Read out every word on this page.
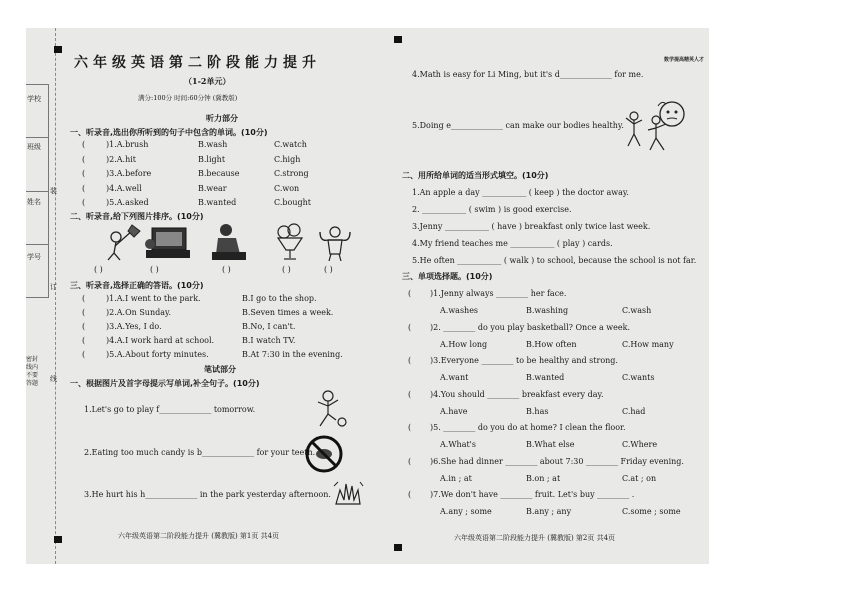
学校
班级
姓名
学号
装
订
线
密封线内不要答题
六年级英语第二阶段能力提升
（1-2单元）
满分:100分 时间:60分钟 (冀教版)
听力部分
一、听录音,选出你所听到的句子中包含的单词。(10分)
二、听录音,给下列图片排序。(10分)
( )	( )	( )	( )	( )
三、听录音,选择正确的答语。(10分)
笔试部分
一、根据图片及首字母提示写单词,补全句子。(10分)
1.Let's go to play f_____________ tomorrow.
2.Eating too much candy is b_____________ for your teeth.
3.He hurt his h_____________ in the park yesterday afternoon.
六年级英语第二阶段能力提升 (冀教版) 第1页 共4页
数学提高精英人才
4.Math is easy for Li Ming, but it's d_____________ for me.
5.Doing e_____________ can make our bodies healthy.
二、用所给单词的适当形式填空。(10分)
三、单项选择题。(10分)
六年级英语第二阶段能力提升 (冀教版) 第2页 共4页
(	)1.A.brush	B.wash	C.watch
(	)2.A.hit	B.light	C.high
(	)3.A.before	B.because	C.strong
(	)4.A.well	B.wear	C.won
(	)5.A.asked	B.wanted	C.bought
(	)1.A.I went to the park.	B.I go to the shop.
(	)2.A.On Sunday.	B.Seven times a week.
(	)3.A.Yes, I do.	B.No, I can't.
(	)4.A.I work hard at school.	B.I watch TV.
(	)5.A.About forty minutes.	B.At 7:30 in the evening.
1.An apple a day ___________ ( keep ) the doctor away.
2. ___________ ( swim ) is good exercise.
3.Jenny ___________ ( have ) breakfast only twice last week.
4.My friend teaches me ___________ ( play ) cards.
5.He often ___________ ( walk ) to school, because the school is not far.
( )1.Jenny always ________ her face.
A.washes	B.washing	C.wash
( )2. ________ do you play basketball? Once a week.
A.How long	B.How often	C.How many
( )3.Everyone ________ to be healthy and strong.
A.want	B.wanted	C.wants
( )4.You should ________ breakfast every day.
A.have	B.has	C.had
( )5. ________ do you do at home? I clean the floor.
A.What's	B.What else	C.Where
( )6.She had dinner ________ about 7:30 ________ Friday evening.
A.in ; at	B.on ; at	C.at ; on
( )7.We don't have ________ fruit. Let's buy ________ .
A.any ; some	B.any ; any	C.some ; some
